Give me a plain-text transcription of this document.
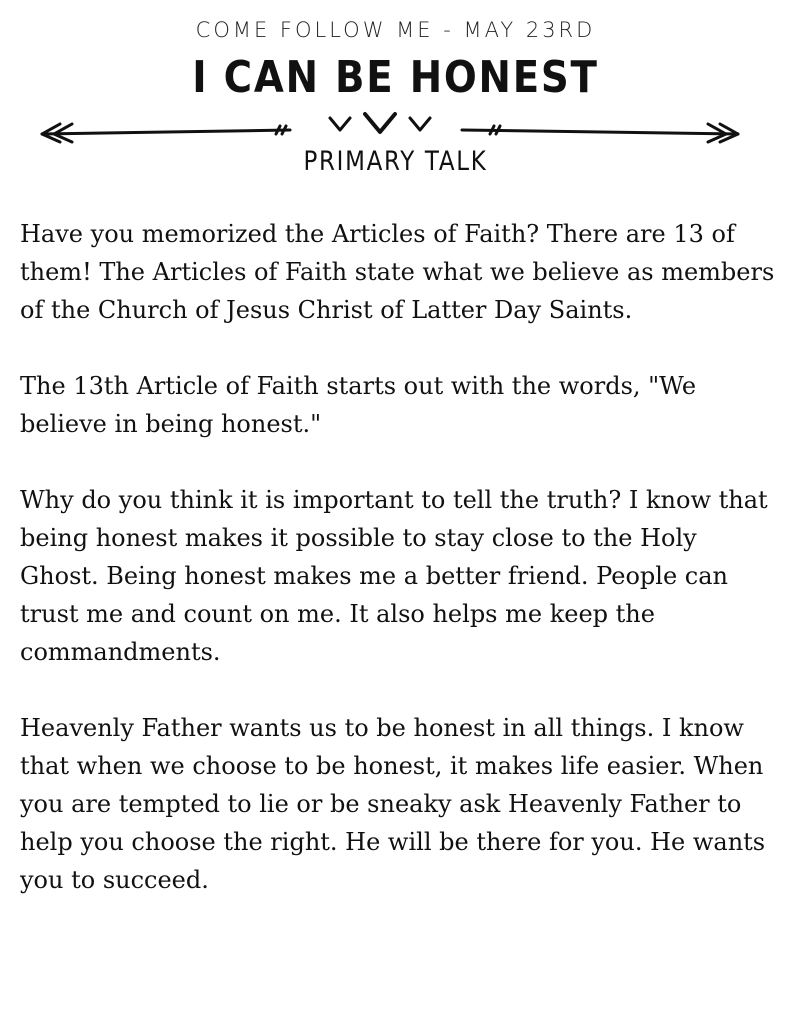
COME FOLLOW ME - MAY 23RD
I CAN BE HONEST
PRIMARY TALK

Have you memorized the Articles of Faith? There are 13 of them! The Articles of Faith state what we believe as members of the Church of Jesus Christ of Latter Day Saints.

The 13th Article of Faith starts out with the words, "We believe in being honest."

Why do you think it is important to tell the truth? I know that being honest makes it possible to stay close to the Holy Ghost. Being honest makes me a better friend. People can trust me and count on me. It also helps me keep the commandments.

Heavenly Father wants us to be honest in all things. I know that when we choose to be honest, it makes life easier. When you are tempted to lie or be sneaky ask Heavenly Father to help you choose the right. He will be there for you. He wants you to succeed.
